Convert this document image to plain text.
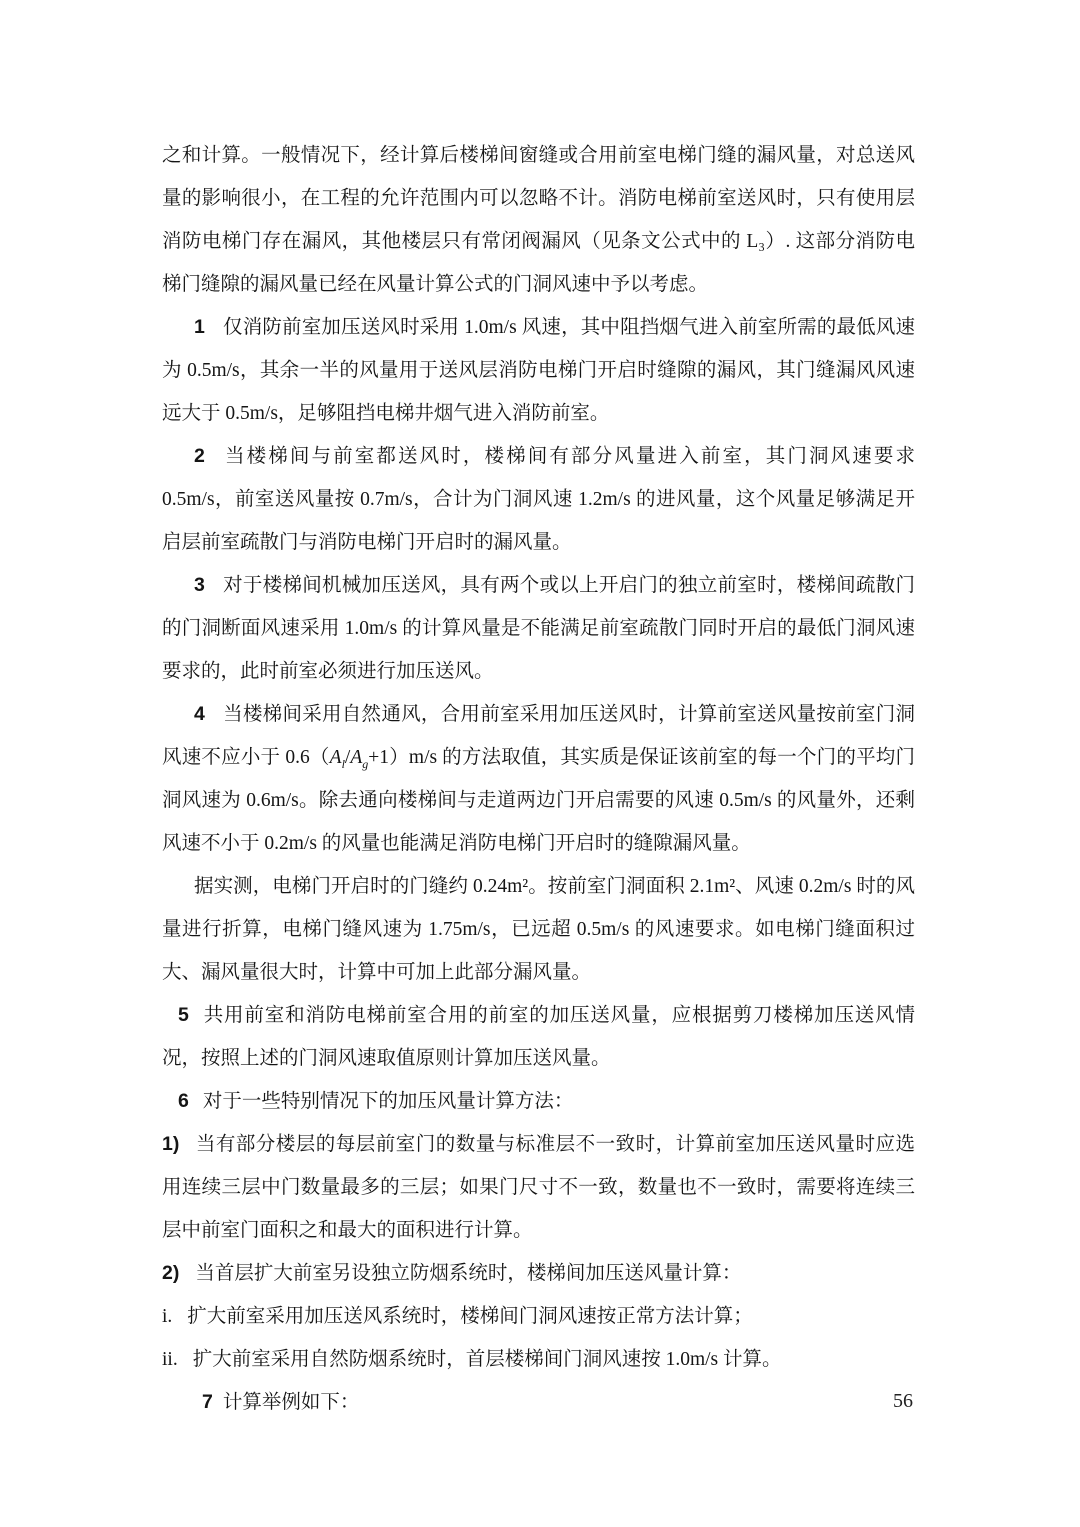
之和计算。一般情况下，经计算后楼梯间窗缝或合用前室电梯门缝的漏风量，对总送风量的影响很小，在工程的允许范围内可以忽略不计。消防电梯前室送风时，只有使用层消防电梯门存在漏风，其他楼层只有常闭阀漏风（见条文公式中的 L₃）. 这部分消防电梯门缝隙的漏风量已经在风量计算公式的门洞风速中予以考虑。

1 仅消防前室加压送风时采用 1.0m/s 风速，其中阻挡烟气进入前室所需的最低风速为 0.5m/s，其余一半的风量用于送风层消防电梯门开启时缝隙的漏风，其门缝漏风风速远大于 0.5m/s，足够阻挡电梯井烟气进入消防前室。

2 当楼梯间与前室都送风时，楼梯间有部分风量进入前室，其门洞风速要求 0.5m/s，前室送风量按 0.7m/s，合计为门洞风速 1.2m/s 的进风量，这个风量足够满足开启层前室疏散门与消防电梯门开启时的漏风量。

3 对于楼梯间机械加压送风，具有两个或以上开启门的独立前室时，楼梯间疏散门的门洞断面风速采用 1.0m/s 的计算风量是不能满足前室疏散门同时开启的最低门洞风速要求的，此时前室必须进行加压送风。

4 当楼梯间采用自然通风，合用前室采用加压送风时，计算前室送风量按前室门洞风速不应小于 $0.6(A_l/A_g+1)m/s$ 的方法取值，其实质是保证该前室的每一个门的平均门洞风速为 0.6m/s。除去通向楼梯间与走道两边门开启需要的风速 0.5m/s 的风量外，还剩风速不小于 0.2m/s 的风量也能满足消防电梯门开启时的缝隙漏风量。

据实测，电梯门开启时的门缝约 0.24m²。按前室门洞面积 2.1m²、风速 0.2m/s 时的风量进行折算，电梯门缝风速为 1.75m/s，已远超 0.5m/s 的风速要求。如电梯门缝面积过大、漏风量很大时，计算中可加上此部分漏风量。

5 共用前室和消防电梯前室合用的前室的加压送风量，应根据剪刀楼梯加压送风情况，按照上述的门洞风速取值原则计算加压送风量。

6 对于一些特别情况下的加压风量计算方法：

1) 当有部分楼层的每层前室门的数量与标准层不一致时，计算前室加压送风量时应选用连续三层中门数量最多的三层；如果门尺寸不一致，数量也不一致时，需要将连续三层中前室门面积之和最大的面积进行计算。

2) 当首层扩大前室另设独立防烟系统时，楼梯间加压送风量计算：

i. 扩大前室采用加压送风系统时，楼梯间门洞风速按正常方法计算；

ii. 扩大前室采用自然防烟系统时，首层楼梯间门洞风速按 1.0m/s 计算。

7 计算举例如下：	56
